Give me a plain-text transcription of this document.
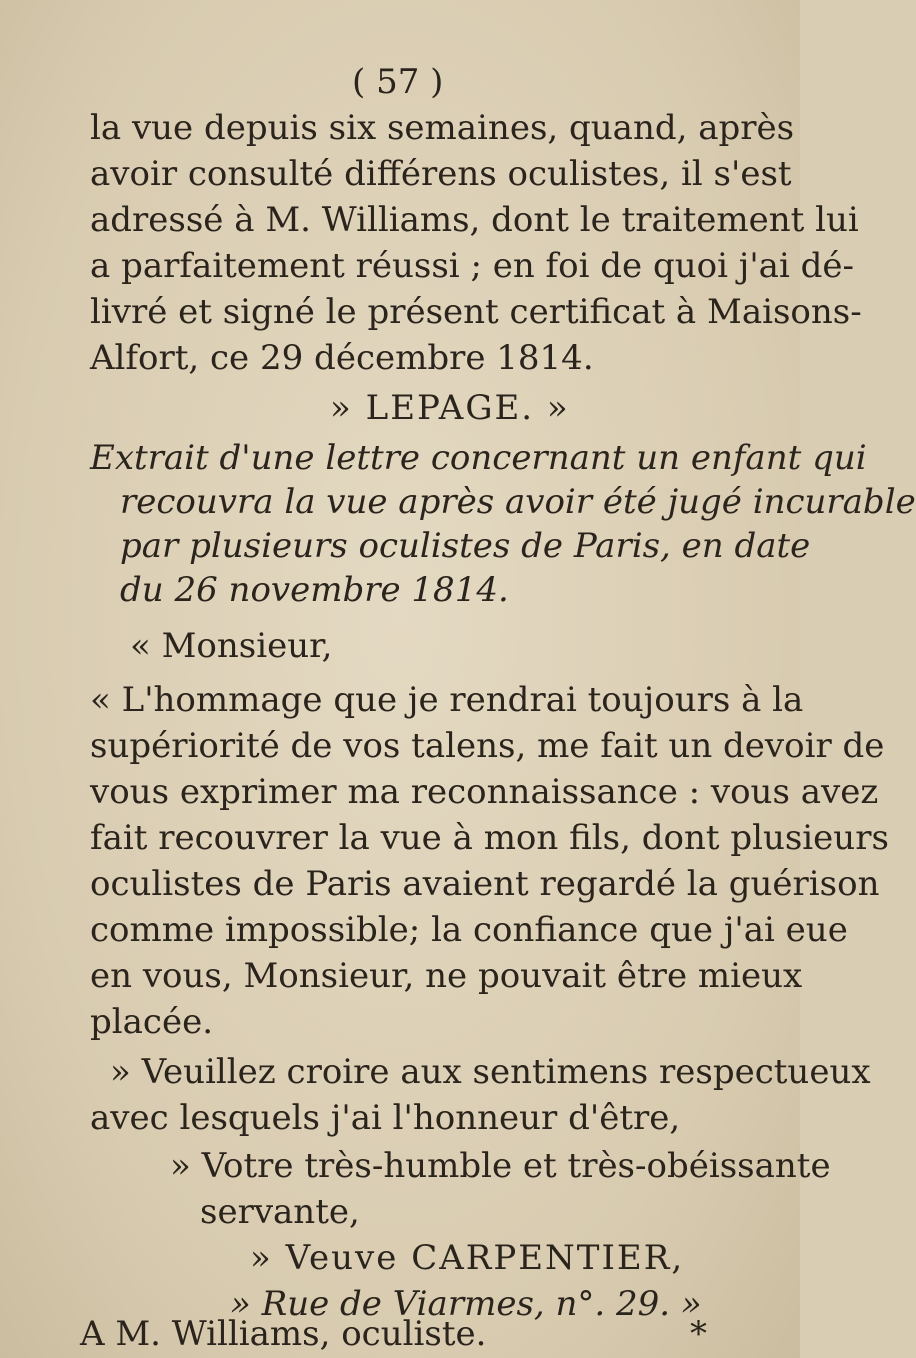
( 57 )
la vue depuis six semaines, quand, après
avoir consulté différens oculistes, il s'est
adressé à M. Williams, dont le traitement lui
a parfaitement réussi ; en foi de quoi j'ai dé-
livré et signé le présent certificat à Maisons-
Alfort, ce 29 décembre 1814.
» LEPAGE. »
Extrait d'une lettre concernant un enfant qui
recouvra la vue après avoir été jugé incurable
par plusieurs oculistes de Paris, en date
du 26 novembre 1814.
« Monsieur,
« L'hommage que je rendrai toujours à la
supériorité de vos talens, me fait un devoir de
vous exprimer ma reconnaissance : vous avez
fait recouvrer la vue à mon fils, dont plusieurs
oculistes de Paris avaient regardé la guérison
comme impossible; la confiance que j'ai eue
en vous, Monsieur, ne pouvait être mieux
placée.
» Veuillez croire aux sentimens respectueux
avec lesquels j'ai l'honneur d'être,
» Votre très-humble et très-obéissante
servante,
» Veuve CARPENTIER,
» Rue de Viarmes, n°. 29. »
A M. Williams, oculiste.	*
